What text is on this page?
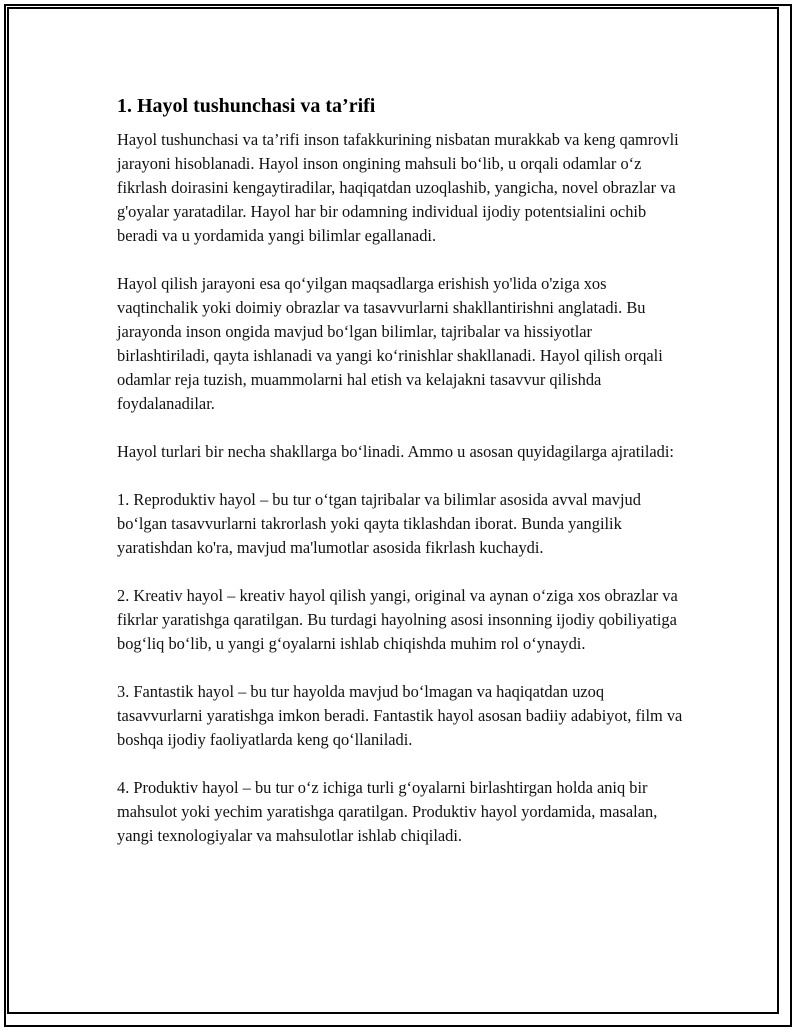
1. Hayol tushunchasi va ta’rifi

Hayol tushunchasi va ta’rifi inson tafakkurining nisbatan murakkab va keng qamrovli jarayoni hisoblanadi. Hayol inson ongining mahsuli bo‘lib, u orqali odamlar o‘z fikrlash doirasini kengaytiradilar, haqiqatdan uzoqlashib, yangicha, novel obrazlar va g'oyalar yaratadilar. Hayol har bir odamning individual ijodiy potentsialini ochib beradi va u yordamida yangi bilimlar egallanadi.

Hayol qilish jarayoni esa qo‘yilgan maqsadlarga erishish yo'lida o'ziga xos vaqtinchalik yoki doimiy obrazlar va tasavvurlarni shakllantirishni anglatadi. Bu jarayonda inson ongida mavjud bo‘lgan bilimlar, tajribalar va hissiyotlar birlashtiriladi, qayta ishlanadi va yangi ko‘rinishlar shakllanadi. Hayol qilish orqali odamlar reja tuzish, muammolarni hal etish va kelajakni tasavvur qilishda foydalanadilar.

Hayol turlari bir necha shakllarga bo‘linadi. Ammo u asosan quyidagilarga ajratiladi:

1. Reproduktiv hayol – bu tur o‘tgan tajribalar va bilimlar asosida avval mavjud bo‘lgan tasavvurlarni takrorlash yoki qayta tiklashdan iborat. Bunda yangilik yaratishdan ko'ra, mavjud ma'lumotlar asosida fikrlash kuchaydi.

2. Kreativ hayol – kreativ hayol qilish yangi, original va aynan o‘ziga xos obrazlar va fikrlar yaratishga qaratilgan. Bu turdagi hayolning asosi insonning ijodiy qobiliyatiga bog‘liq bo‘lib, u yangi g‘oyalarni ishlab chiqishda muhim rol o‘ynaydi.

3. Fantastik hayol – bu tur hayolda mavjud bo‘lmagan va haqiqatdan uzoq tasavvurlarni yaratishga imkon beradi. Fantastik hayol asosan badiiy adabiyot, film va boshqa ijodiy faoliyatlarda keng qo‘llaniladi.

4. Produktiv hayol – bu tur o‘z ichiga turli g‘oyalarni birlashtirgan holda aniq bir mahsulot yoki yechim yaratishga qaratilgan. Produktiv hayol yordamida, masalan, yangi texnologiyalar va mahsulotlar ishlab chiqiladi.
